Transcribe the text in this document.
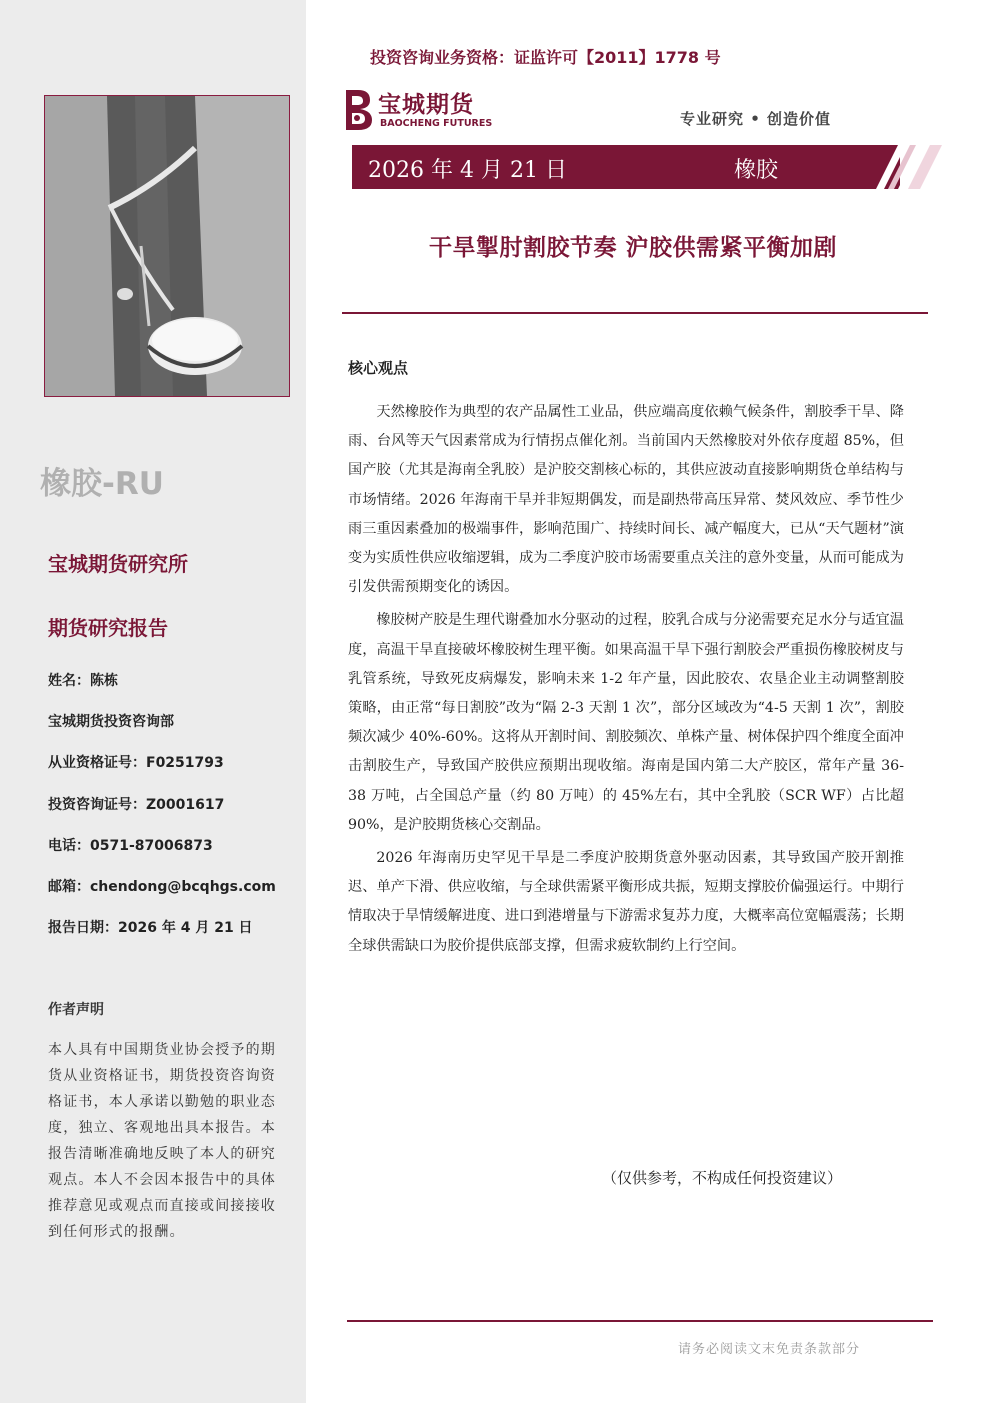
橡胶-RU
宝城期货研究所
期货研究报告
姓名：陈栋
宝城期货投资咨询部
从业资格证号：F0251793
投资咨询证号：Z0001617
电话：0571-87006873
邮箱：chendong@bcqhgs.com
报告日期：2026 年 4 月 21 日
作者声明
本人具有中国期货业协会授予的期货从业资格证书，期货投资咨询资格证书，本人承诺以勤勉的职业态度，独立、客观地出具本报告。本报告清晰准确地反映了本人的研究观点。本人不会因本报告中的具体推荐意见或观点而直接或间接接收到任何形式的报酬。
投资咨询业务资格：证监许可【2011】1778 号
宝城期货
BAOCHENG FUTURES	专业研究 • 创造价值
2026 年 4 月 21 日	橡胶
干旱掣肘割胶节奏 沪胶供需紧平衡加剧
核心观点

天然橡胶作为典型的农产品属性工业品，供应端高度依赖气候条件，割胶季干旱、降雨、台风等天气因素常成为行情拐点催化剂。当前国内天然橡胶对外依存度超 85%，但国产胶（尤其是海南全乳胶）是沪胶交割核心标的，其供应波动直接影响期货仓单结构与市场情绪。2026 年海南干旱并非短期偶发，而是副热带高压异常、焚风效应、季节性少雨三重因素叠加的极端事件，影响范围广、持续时间长、减产幅度大，已从“天气题材”演变为实质性供应收缩逻辑，成为二季度沪胶市场需要重点关注的意外变量，从而可能成为引发供需预期变化的诱因。

橡胶树产胶是生理代谢叠加水分驱动的过程，胶乳合成与分泌需要充足水分与适宜温度，高温干旱直接破坏橡胶树生理平衡。如果高温干旱下强行割胶会严重损伤橡胶树皮与乳管系统，导致死皮病爆发，影响未来 1-2 年产量，因此胶农、农垦企业主动调整割胶策略，由正常“每日割胶”改为“隔 2-3 天割 1 次”，部分区域改为“4-5 天割 1 次”，割胶频次减少 40%-60%。这将从开割时间、割胶频次、单株产量、树体保护四个维度全面冲击割胶生产，导致国产胶供应预期出现收缩。海南是国内第二大产胶区，常年产量 36-38 万吨，占全国总产量（约 80 万吨）的 45%左右，其中全乳胶（SCR WF）占比超 90%，是沪胶期货核心交割品。

2026 年海南历史罕见干旱是二季度沪胶期货意外驱动因素，其导致国产胶开割推迟、单产下滑、供应收缩，与全球供需紧平衡形成共振，短期支撑胶价偏强运行。中期行情取决于旱情缓解进度、进口到港增量与下游需求复苏力度，大概率高位宽幅震荡；长期全球供需缺口为胶价提供底部支撑，但需求疲软制约上行空间。

（仅供参考，不构成任何投资建议）
请务必阅读文末免责条款部分
